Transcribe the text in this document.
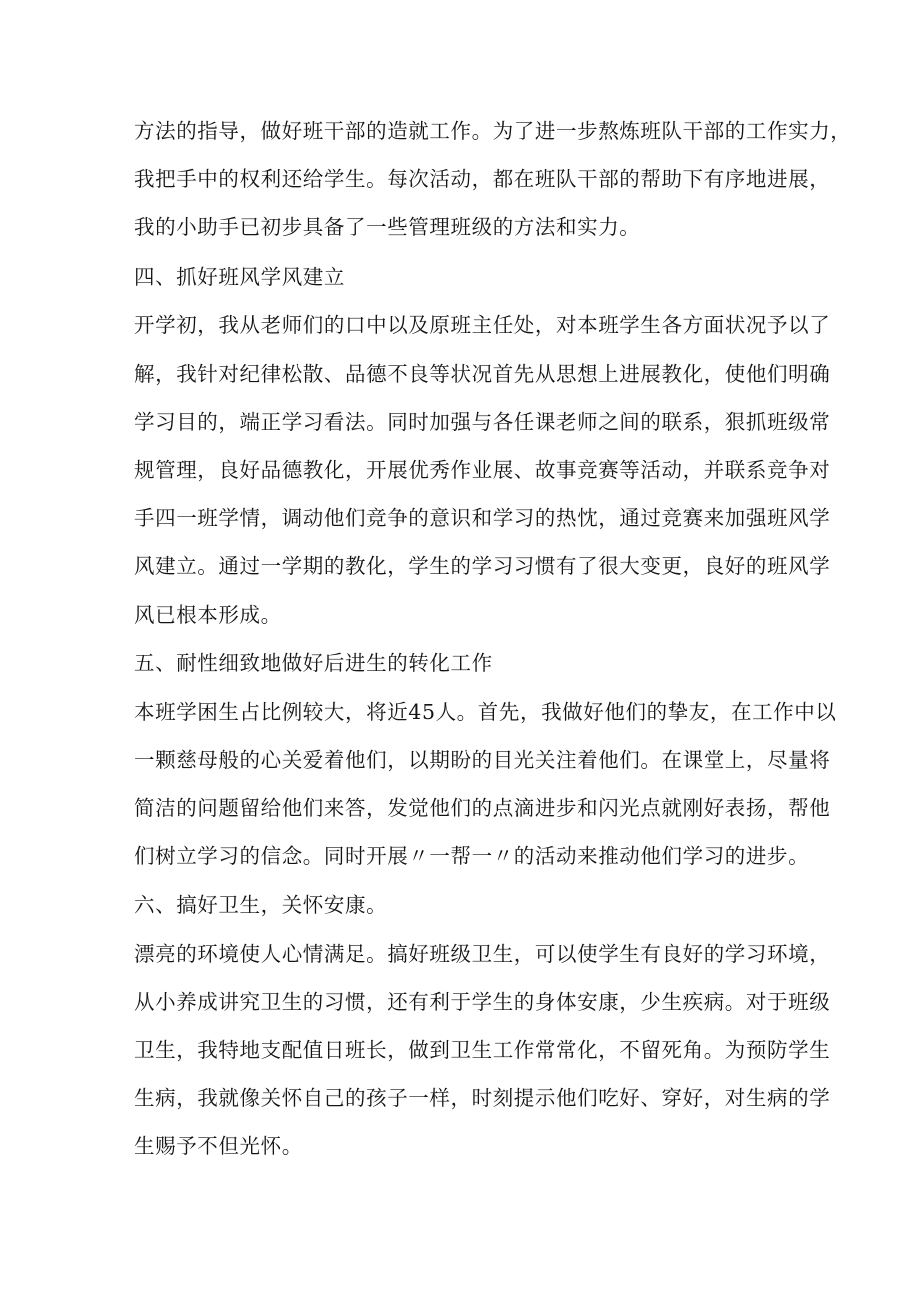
方法的指导，做好班干部的造就工作。为了进一步熬炼班队干部的工作实力，
我把手中的权利还给学生。每次活动，都在班队干部的帮助下有序地进展，
我的小助手已初步具备了一些管理班级的方法和实力。
四、抓好班风学风建立
开学初，我从老师们的口中以及原班主任处，对本班学生各方面状况予以了
解，我针对纪律松散、品德不良等状况首先从思想上进展教化，使他们明确
学习目的，端正学习看法。同时加强与各任课老师之间的联系，狠抓班级常
规管理，良好品德教化，开展优秀作业展、故事竞赛等活动，并联系竞争对
手四一班学情，调动他们竞争的意识和学习的热忱，通过竞赛来加强班风学
风建立。通过一学期的教化，学生的学习习惯有了很大变更，良好的班风学
风已根本形成。
五、耐性细致地做好后进生的转化工作
本班学困生占比例较大，将近45人。首先，我做好他们的挚友，在工作中以
一颗慈母般的心关爱着他们，以期盼的目光关注着他们。在课堂上，尽量将
简洁的问题留给他们来答，发觉他们的点滴进步和闪光点就刚好表扬，帮他
们树立学习的信念。同时开展〃一帮一〃的活动来推动他们学习的进步。
六、搞好卫生，关怀安康。
漂亮的环境使人心情满足。搞好班级卫生，可以使学生有良好的学习环境，
从小养成讲究卫生的习惯，还有利于学生的身体安康，少生疾病。对于班级
卫生，我特地支配值日班长，做到卫生工作常常化，不留死角。为预防学生
生病，我就像关怀自己的孩子一样，时刻提示他们吃好、穿好，对生病的学
生赐予不但光怀。
